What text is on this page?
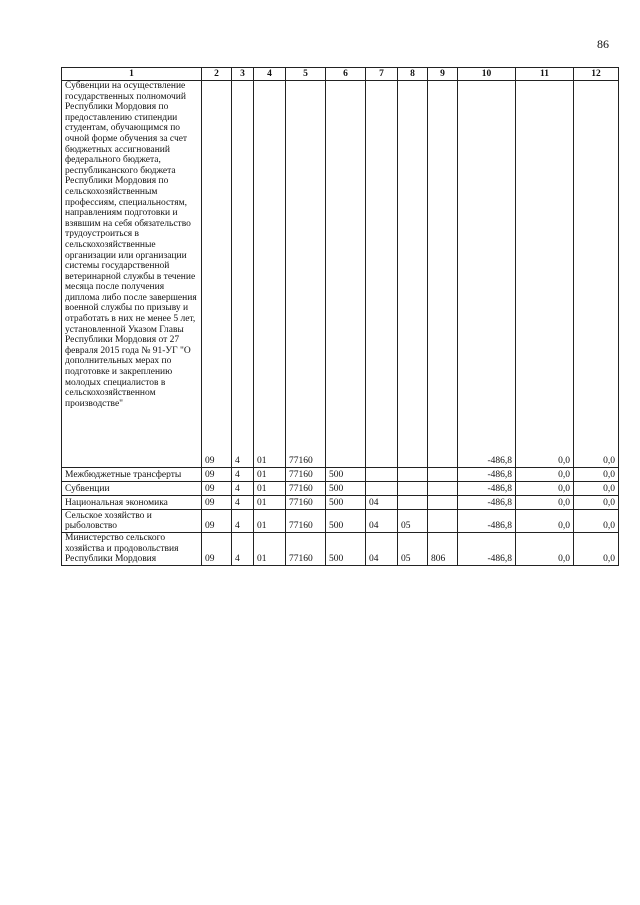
86
1	2	3	4	5	6	7	8	9	10	11	12
Субвенции на осуществление государственных полномочий Республики Мордовия по предоставлению стипендии студентам, обучающимся по очной форме обучения за счет бюджетных ассигнований федерального бюджета, республиканского бюджета Республики Мордовия по сельскохозяйственным профессиям, специальностям, направлениям подготовки и взявшим на себя обязательство трудоустроиться в сельскохозяйственные организации или организации системы государственной ветеринарной службы в течение месяца после получения диплома либо после завершения военной службы по призыву и отработать в них не менее 5 лет, установленной Указом Главы Республики Мордовия от 27 февраля 2015 года № 91-УГ "О дополнительных мерах по подготовке и закреплению молодых специалистов в сельскохозяйственном производстве"	09	4	01	77160					-486,8	0,0	0,0
Межбюджетные трансферты	09	4	01	77160	500				-486,8	0,0	0,0
Субвенции	09	4	01	77160	500				-486,8	0,0	0,0
Национальная экономика	09	4	01	77160	500	04			-486,8	0,0	0,0
Сельское хозяйство и рыболовство	09	4	01	77160	500	04	05		-486,8	0,0	0,0
Министерство сельского хозяйства и продовольствия Республики Мордовия	09	4	01	77160	500	04	05	806	-486,8	0,0	0,0
